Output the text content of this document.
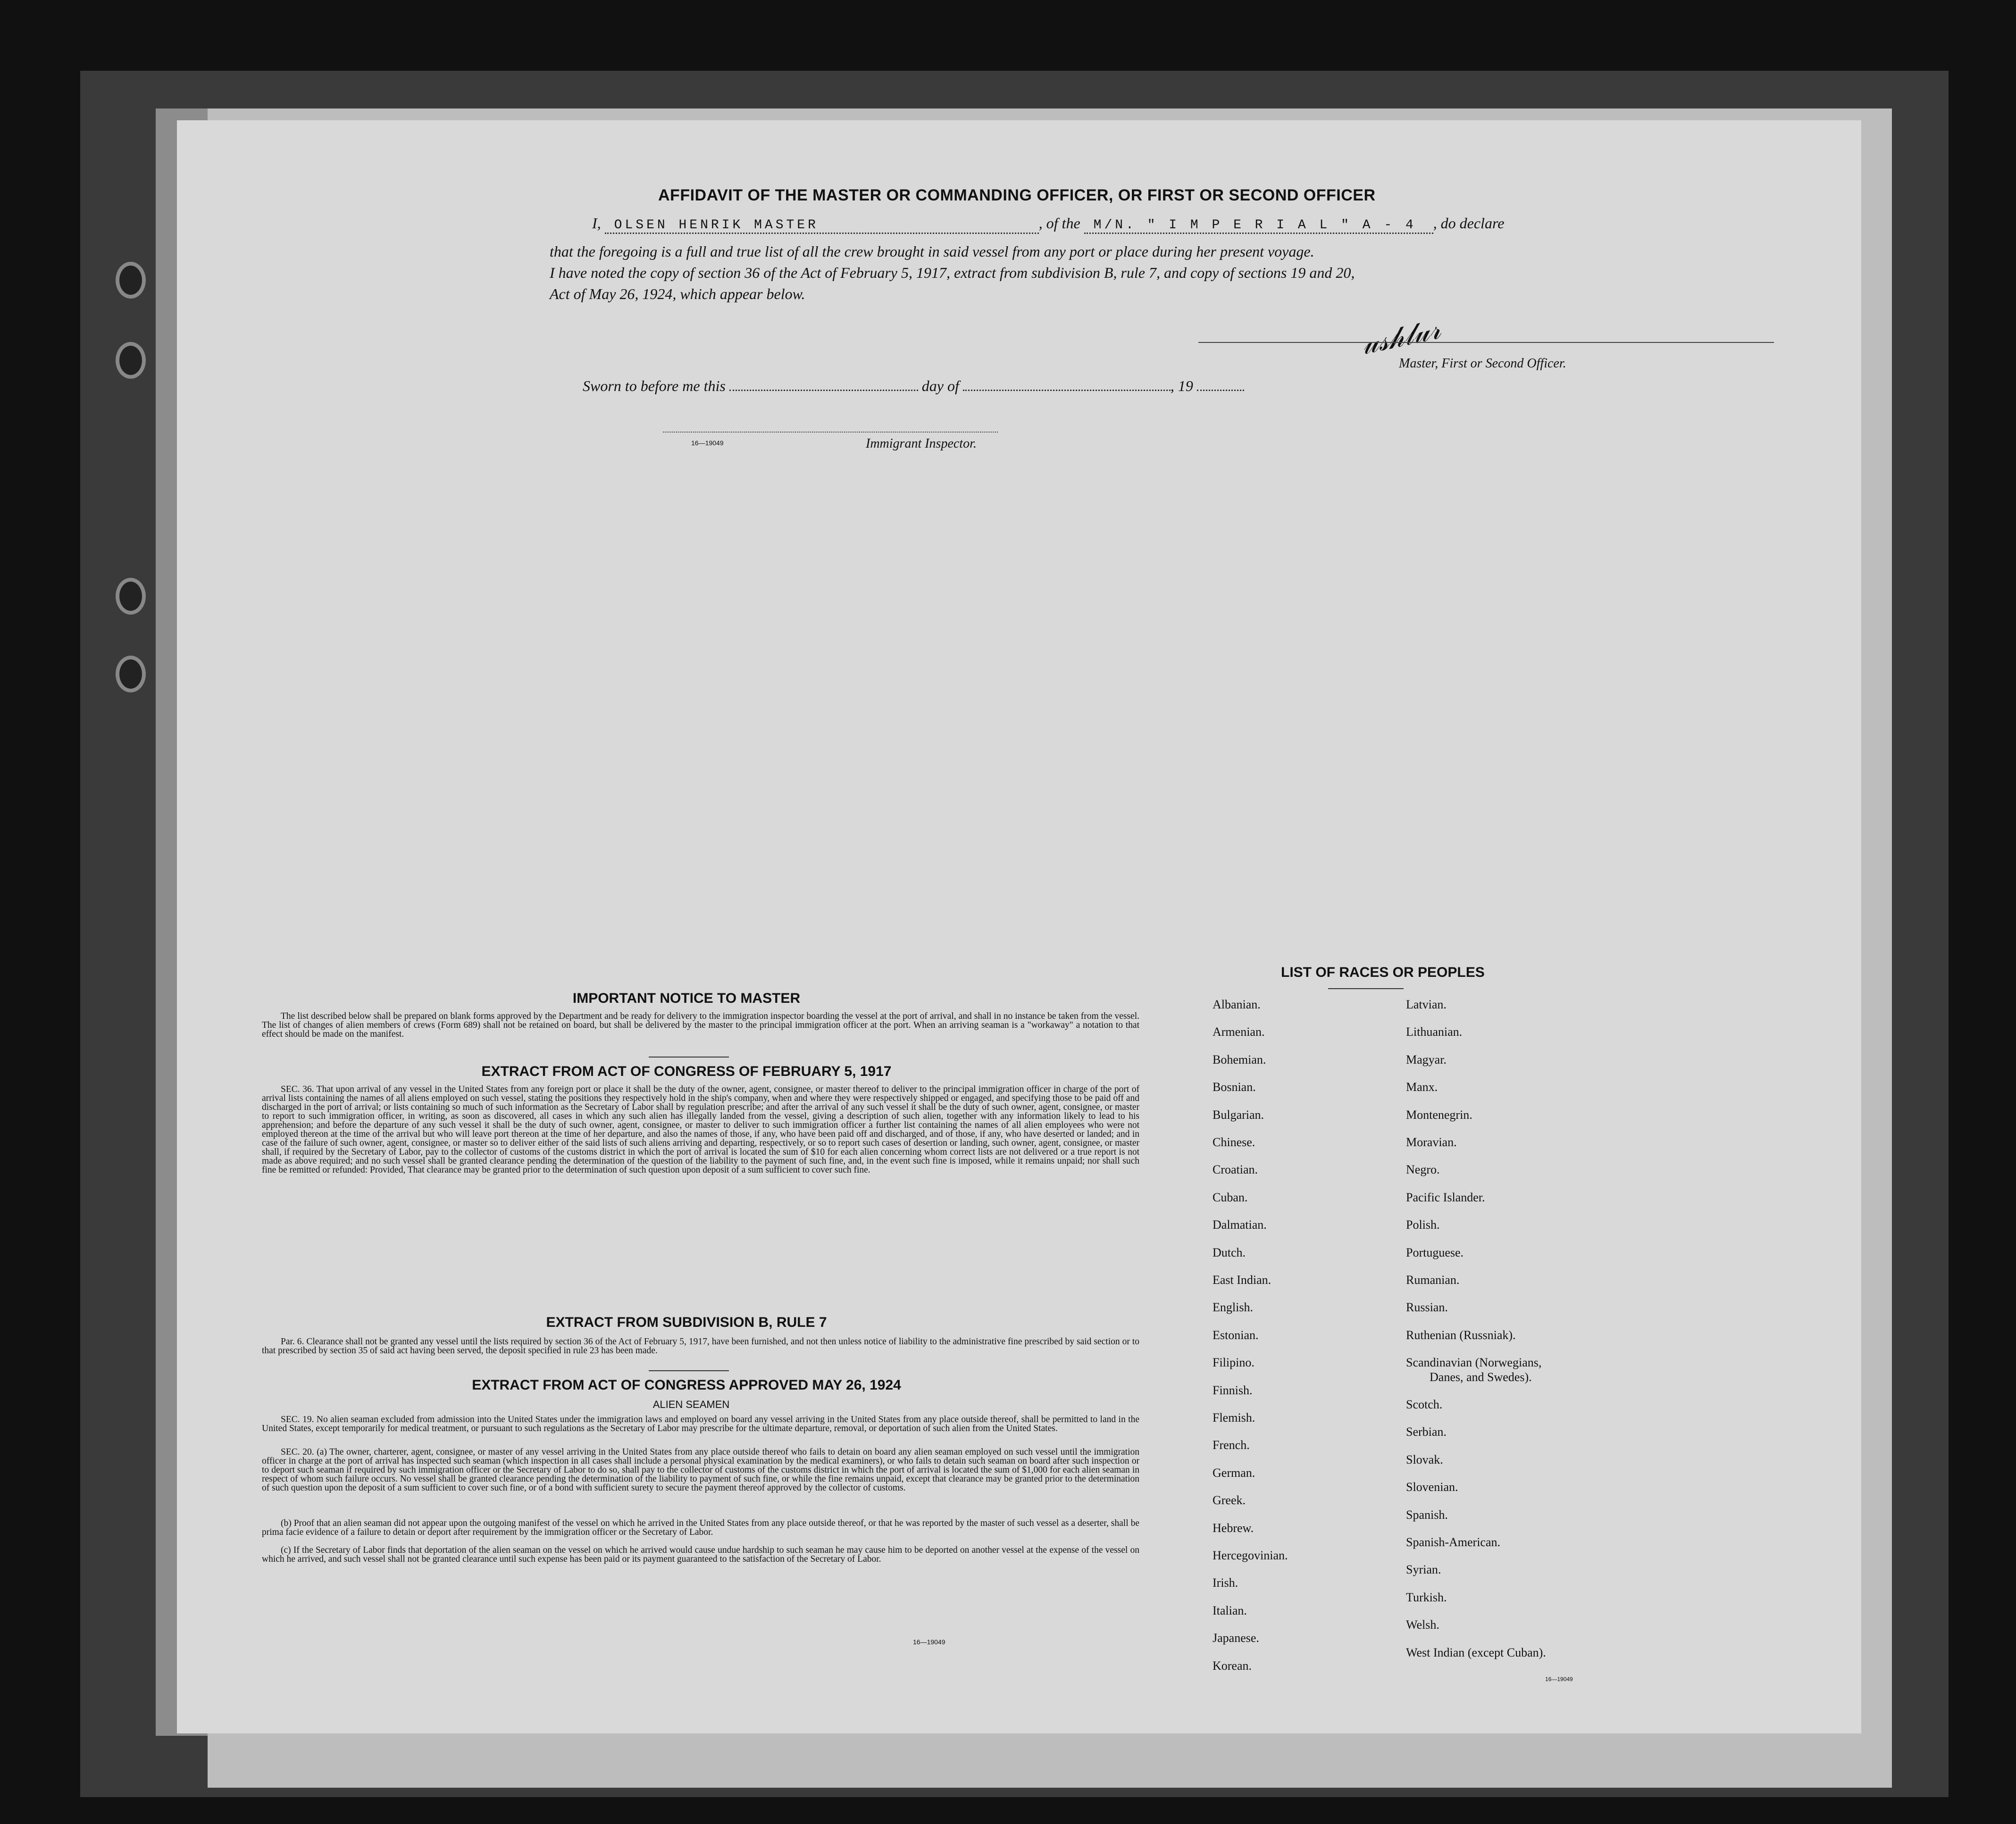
AFFIDAVIT OF THE MASTER OR COMMANDING OFFICER, OR FIRST OR SECOND OFFICER
I, OLSEN HENRIK MASTER	, of the M/N. " I M P E R I A L " A - 4 , do declare
that the foregoing is a full and true list of all the crew brought in said vessel from any port or place during her present voyage.
I have noted the copy of section 36 of the Act of February 5, 1917, extract from subdivision B, rule 7, and copy of sections 19 and 20,
Act of May 26, 1924, which appear below.
𝓊𝓈𝒽𝓁𝓊𝓇
Master, First or Second Officer.
Sworn to before me this	day of	, 19
16—19049	Immigrant Inspector.
IMPORTANT NOTICE TO MASTER
The list described below shall be prepared on blank forms approved by the Department and be ready for delivery to the immigration inspector boarding the vessel at the port of arrival, and shall in no instance be taken from the vessel. The list of changes of alien members of crews (Form 689) shall not be retained on board, but shall be delivered by the master to the principal immigration officer at the port. When an arriving seaman is a "workaway" a notation to that effect should be made on the manifest.
EXTRACT FROM ACT OF CONGRESS OF FEBRUARY 5, 1917
SEC. 36. That upon arrival of any vessel in the United States from any foreign port or place it shall be the duty of the owner, agent, consignee, or master thereof to deliver to the principal immigration officer in charge of the port of arrival lists containing the names of all aliens employed on such vessel, stating the positions they respectively hold in the ship's company, when and where they were respectively shipped or engaged, and specifying those to be paid off and discharged in the port of arrival; or lists containing so much of such information as the Secretary of Labor shall by regulation prescribe; and after the arrival of any such vessel it shall be the duty of such owner, agent, consignee, or master to report to such immigration officer, in writing, as soon as discovered, all cases in which any such alien has illegally landed from the vessel, giving a description of such alien, together with any information likely to lead to his apprehension; and before the departure of any such vessel it shall be the duty of such owner, agent, consignee, or master to deliver to such immigration officer a further list containing the names of all alien employees who were not employed thereon at the time of the arrival but who will leave port thereon at the time of her departure, and also the names of those, if any, who have been paid off and discharged, and of those, if any, who have deserted or landed; and in case of the failure of such owner, agent, consignee, or master so to deliver either of the said lists of such aliens arriving and departing, respectively, or so to report such cases of desertion or landing, such owner, agent, consignee, or master shall, if required by the Secretary of Labor, pay to the collector of customs of the customs district in which the port of arrival is located the sum of $10 for each alien concerning whom correct lists are not delivered or a true report is not made as above required; and no such vessel shall be granted clearance pending the determination of the question of the liability to the payment of such fine, and, in the event such fine is imposed, while it remains unpaid; nor shall such fine be remitted or refunded: Provided, That clearance may be granted prior to the determination of such question upon deposit of a sum sufficient to cover such fine.
EXTRACT FROM SUBDIVISION B, RULE 7
Par. 6. Clearance shall not be granted any vessel until the lists required by section 36 of the Act of February 5, 1917, have been furnished, and not then unless notice of liability to the administrative fine prescribed by said section or to that prescribed by section 35 of said act having been served, the deposit specified in rule 23 has been made.
EXTRACT FROM ACT OF CONGRESS APPROVED MAY 26, 1924
ALIEN SEAMEN
SEC. 19. No alien seaman excluded from admission into the United States under the immigration laws and employed on board any vessel arriving in the United States from any place outside thereof, shall be permitted to land in the United States, except temporarily for medical treatment, or pursuant to such regulations as the Secretary of Labor may prescribe for the ultimate departure, removal, or deportation of such alien from the United States.
SEC. 20. (a) The owner, charterer, agent, consignee, or master of any vessel arriving in the United States from any place outside thereof who fails to detain on board any alien seaman employed on such vessel until the immigration officer in charge at the port of arrival has inspected such seaman (which inspection in all cases shall include a personal physical examination by the medical examiners), or who fails to detain such seaman on board after such inspection or to deport such seaman if required by such immigration officer or the Secretary of Labor to do so, shall pay to the collector of customs of the customs district in which the port of arrival is located the sum of $1,000 for each alien seaman in respect of whom such failure occurs. No vessel shall be granted clearance pending the determination of the liability to payment of such fine, or while the fine remains unpaid, except that clearance may be granted prior to the determination of such question upon the deposit of a sum sufficient to cover such fine, or of a bond with sufficient surety to secure the payment thereof approved by the collector of customs.
(b) Proof that an alien seaman did not appear upon the outgoing manifest of the vessel on which he arrived in the United States from any place outside thereof, or that he was reported by the master of such vessel as a deserter, shall be prima facie evidence of a failure to detain or deport after requirement by the immigration officer or the Secretary of Labor.
(c) If the Secretary of Labor finds that deportation of the alien seaman on the vessel on which he arrived would cause undue hardship to such seaman he may cause him to be deported on another vessel at the expense of the vessel on which he arrived, and such vessel shall not be granted clearance until such expense has been paid or its payment guaranteed to the satisfaction of the Secretary of Labor.
16—19049
LIST OF RACES OR PEOPLES
Albanian.
Armenian.
Bohemian.
Bosnian.
Bulgarian.
Chinese.
Croatian.
Cuban.
Dalmatian.
Dutch.
East Indian.
English.
Estonian.
Filipino.
Finnish.
Flemish.
French.
German.
Greek.
Hebrew.
Hercegovinian.
Irish.
Italian.
Japanese.
Korean.
Latvian.
Lithuanian.
Magyar.
Manx.
Montenegrin.
Moravian.
Negro.
Pacific Islander.
Polish.
Portuguese.
Rumanian.
Russian.
Ruthenian (Russniak).
Scandinavian (Norwegians,
Danes, and Swedes).
Scotch.
Serbian.
Slovak.
Slovenian.
Spanish.
Spanish-American.
Syrian.
Turkish.
Welsh.
West Indian (except Cuban).
16—19049
